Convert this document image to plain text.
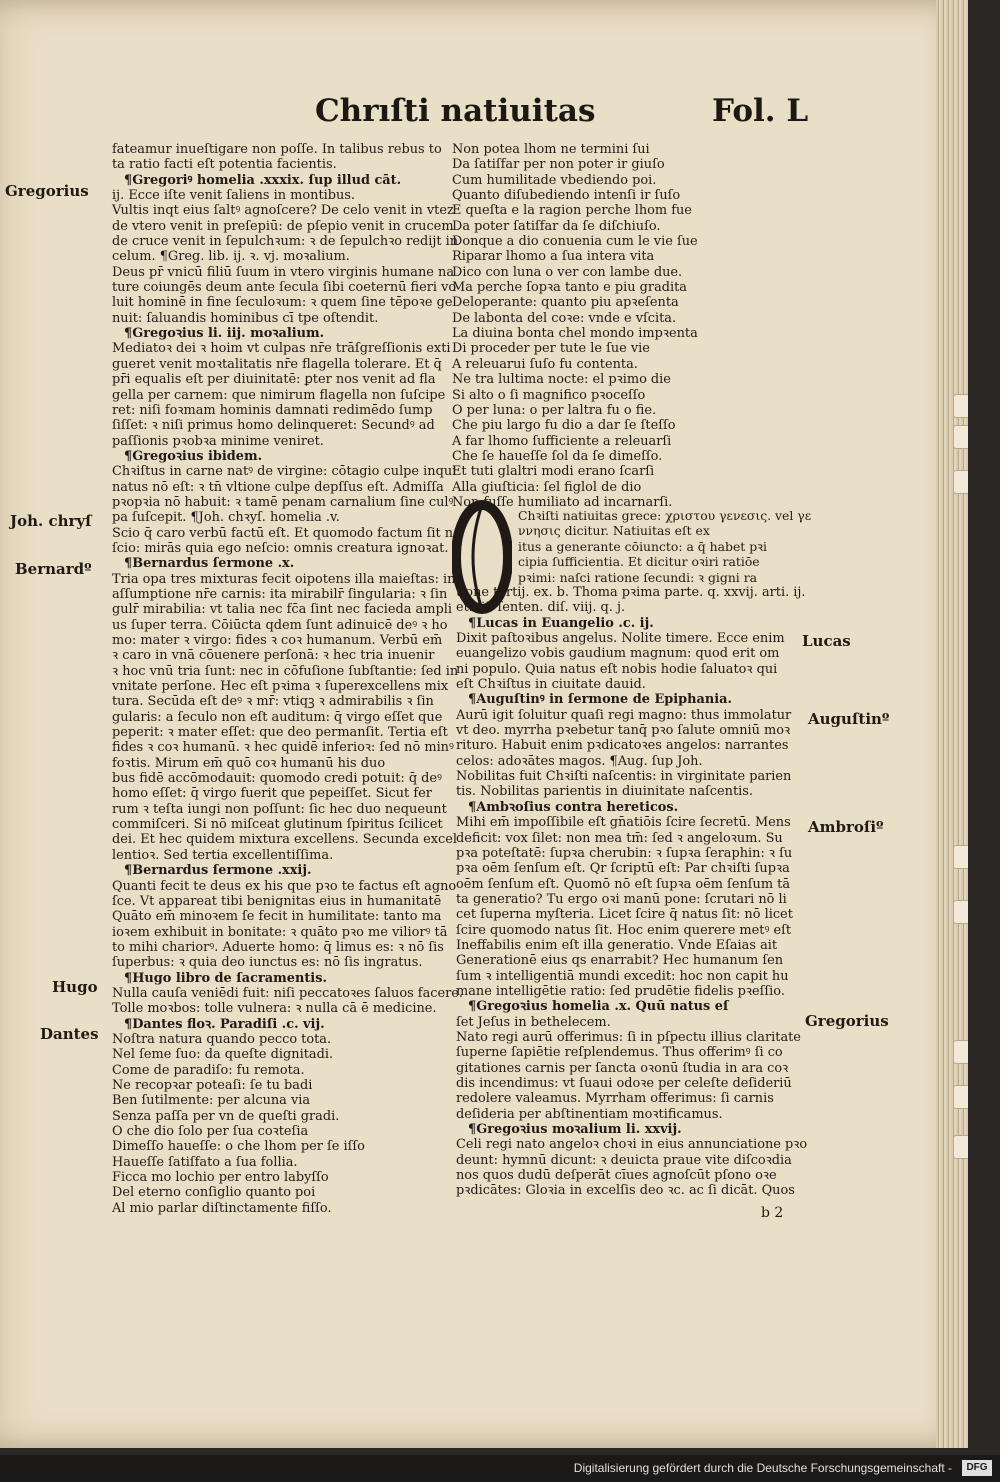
Chrıſti natiuitas	Fol. L
Gregorius
Joh. chryſ
Bernardº
Hugo
Dantes
Lucas
Auguſtinº
Ambroſiº
Gregorius
fateamur inueſtigare non poſſe. In talibus rebus to
ta ratio facti eſt potentia facientis.
¶Gregoriꝰ homelia .xxxix. ſup illud cāt.
ij. Ecce iſte venit ſaliens in montibus.
Vultis inqt eius ſaltꝰ agnoſcere? De celo venit in vtez
de vtero venit in preſepiū: de pſepio venit in crucem
de cruce venit in ſepulchꝛum: ꝛ de ſepulchꝛo redijt in
celum. ¶Greg. lib. ij. ꝛ. vj. moꝛalium.
Deus pr̄ vnicū filiū ſuum in vtero virginis humane na
ture coiungēs deum ante ſecula ſibi coeternū fieri vo
luit hominē in fine ſeculoꝛum: ꝛ quem ſine tēpoꝛe ge
nuit: ſaluandis hominibus cī tpe oſtendit.
¶Gregoꝛius li. iij. moꝛalium.
Mediatoꝛ dei ꝛ hoim vt culpas nr̄e trāſgreſſionis exti
gueret venit moꝛtalitatis nr̄e flagella tolerare. Et q̄
pr̄i equalis eſt per diuinitatē: ꝑter nos venit ad fla
gella per carnem: que nimirum flagella non ſuſcipe
ret: niſi foꝛmam hominis damnati redimēdo ſump
ſiſſet: ꝛ niſi primus homo delinqueret: Secundꝰ ad
paſſionis pꝛobꝛa minime veniret.
¶Gregoꝛius ibidem.
Chꝛiſtus in carne natꝰ de virgine: cōtagio culpe inqui
natus nō eſt: ꝛ tn̄ vltione culpe depſſus eſt. Admiſſa
pꝛopꝛia nō habuit: ꝛ tamē penam carnalium ſine culꝰ
pa ſuſcepit. ¶Joh. chꝛyſ. homelia .v.
Scio q̄ caro verbū factū eſt. Et quomodo factum ſit ne
ſcio: mirās quia ego neſcio: omnis creatura ignoꝛat.
¶Bernardus ſermone .x.
Tria opa tres mixturas fecit oipotens illa maieſtas: in
aſſumptione nr̄e carnis: ita mirabilr̄ ſingularia: ꝛ ſin
gulr̄ mirabilia: vt talia nec fc̄a ſint nec facieda ampli
us ſuper terra. Cōiūcta qdem ſunt adinuicē deꝰ ꝛ ho
mo: mater ꝛ virgo: fides ꝛ coꝛ humanum. Verbū em̄
ꝛ caro in vnā cōuenere perſonā: ꝛ hec tria inuenir
ꝛ hoc vnū tria ſunt: nec in cōfuſione ſubſtantie: ſed in
vnitate perſone. Hec eſt pꝛima ꝛ ſuperexcellens mix
tura. Secūda eſt deꝰ ꝛ mr̄: vtiqꝫ ꝛ admirabilis ꝛ ſin
gularis: a ſeculo non eſt auditum: q̄ virgo eſſet que
peperit: ꝛ mater eſſet: que deo permanſit. Tertia eſt
fides ꝛ coꝛ humanū. ꝛ hec quidē inferioꝛ: ſed nō minꝰ
foꝛtis. Mirum em̄ quō coꝛ humanū his duo
bus fidē accōmodauit: quomodo credi potuit: q̄ deꝰ
homo eſſet: q̄ virgo fuerit que pepeiſſet. Sicut fer
rum ꝛ teſta iungi non poſſunt: ſic hec duo nequeunt
commiſceri. Si nō miſceat glutinum ſpiritus ſcilicet
dei. Et hec quidem mixtura excellens. Secunda excel
lentioꝛ. Sed tertia excellentiſſima.
¶Bernardus ſermone .xxij.
Quanti fecit te deus ex his que pꝛo te factus eſt agno
ſce. Vt appareat tibi benignitas eius in humanitatē
Quāto em̄ minoꝛem ſe fecit in humilitate: tanto ma
ioꝛem exhibuit in bonitate: ꝛ quāto pꝛo me viliorꝰ tā
to mihi chariorꝰ. Aduerte homo: q̄ limus es: ꝛ nō ſis
ſuperbus: ꝛ quia deo iunctus es: nō ſis ingratus.
¶Hugo libro de ſacramentis.
Nulla cauſa veniēdi fuit: niſi peccatoꝛes ſaluos facere.
Tolle moꝛbos: tolle vulnera: ꝛ nulla cā ē medicine.
¶Dantes floꝛ. Paradiſi .c. vij.
Noſtra natura quando pecco tota.
Nel ſeme ſuo: da queſte dignitadi.
Come de paradiſo: fu remota.
Ne recopꝛar poteaſi: ſe tu badi
Ben ſutilmente: per alcuna via
Senza paſſa per vn de queſti gradi.
O che dio ſolo per ſua coꝛteſia
Dimeſſo haueſſe: o che lhom per ſe iſſo
Haueſſe ſatiſfato a ſua follia.
Ficca mo lochio per entro labyſſo
Del eterno conſiglio quanto poi
Al mio parlar diſtinctamente fiſſo.
Non potea lhom ne termini ſui
Da ſatiſfar per non poter ir giuſo
Cum humilitade vbediendo poi.
Quanto diſubediendo intenſi ir ſuſo
E queſta e la ragion perche lhom fue
Da poter ſatiſfar da ſe diſchiuſo.
Donque a dio conuenia cum le vie ſue
Riparar lhomo a ſua intera vita
Dico con luna o ver con lambe due.
Ma perche ſopꝛa tanto e piu gradita
Deloperante: quanto piu apꝛeſenta
De labonta del coꝛe: vnde e vſcita.
La diuina bonta chel mondo impꝛenta
Di proceder per tute le ſue vie
A releuarui ſuſo fu contenta.
Ne tra lultima nocte: el pꝛimo die
Si alto o ſi magnifico pꝛoceſſo
O per luna: o per laltra fu o fie.
Che piu largo fu dio a dar ſe ſteſſo
A far lhomo ſufficiente a releuarſi
Che ſe haueſſe ſol da ſe dimeſſo.
Et tuti glaltri modi erano ſcarſi
Alla giuſticia: ſel figlol de dio
Non fuſſe humiliato ad incarnarſi.
Chꝛiſti natiuitas grece: χριστου γενεσις. vel γε
ννησις dicitur. Natiuitas eſt ex
itus a generante cōiuncto: a q̄ habet pꝛi
cipia ſufficientia. Et dicitur oꝛiri ratiōe
pꝛimi: naſci ratione ſecundi: ꝛ gigni ra
tione tertij. ex. b. Thoma pꝛima parte. q. xxvij. arti. ij.
et. iij. ſenten. diſ. viij. q. j.
¶Lucas in Euangelio .c. ij.
Dixit paſtoꝛibus angelus. Nolite timere. Ecce enim
euangelizo vobis gaudium magnum: quod erit om
ni populo. Quia natus eſt nobis hodie ſaluatoꝛ qui
eſt Chꝛiſtus in ciuitate dauid.
¶Auguſtinꝰ in ſermone de Epiphania.
Aurū igit ſoluitur quaſi regi magno: thus immolatur
vt deo. myrrha pꝛebetur tanq̄ pꝛo ſalute omniū moꝛ
rituro. Habuit enim pꝛdicatoꝛes angelos: narrantes
celos: adoꝛātes magos. ¶Aug. ſup Joh.
Nobilitas fuit Chꝛiſti naſcentis: in virginitate parien
tis. Nobilitas parientis in diuinitate naſcentis.
¶Ambꝛoſius contra hereticos.
Mihi em̄ impoſſibile eſt gn̄atiōis ſcire ſecretū. Mens
deficit: vox ſilet: non mea tm̄: ſed ꝛ angeloꝛum. Su
pꝛa poteſtatē: ſupꝛa cherubin: ꝛ ſupꝛa ſeraphin: ꝛ ſu
pꝛa oēm ſenſum eſt. Qr ſcriptū eſt: Par chꝛiſti ſupꝛa
oēm ſenſum eſt. Quomō nō eſt ſupꝛa oēm ſenſum tā
ta generatio? Tu ergo oꝛi manū pone: ſcrutari nō li
cet ſuperna myſteria. Licet ſcire q̄ natus ſit: nō licet
ſcire quomodo natus ſit. Hoc enim querere metꝰ eſt
Ineffabilis enim eſt illa generatio. Vnde Eſaias ait
Generationē eius qs enarrabit? Hec humanum ſen
ſum ꝛ intelligentiā mundi excedit: hoc non capit hu
mane intelligētie ratio: ſed prudētie fidelis pꝛeſſio.
¶Gregoꝛius homelia .x. Quū natus eſ
ſet Jeſus in bethelecem.
Nato regi aurū offerimus: ſi in pſpectu illius claritate
ſuperne ſapiētie reſplendemus. Thus offerimꝰ ſi co
gitationes carnis per ſancta oꝛonū ſtudia in ara coꝛ
dis incendimus: vt ſuaui odoꝛe per celeſte deſideriū
redolere valeamus. Myrrham offerimus: ſi carnis
deſideria per abſtinentiam moꝛtificamus.
¶Gregoꝛius moꝛalium li. xxvij.
Celi regi nato angeloꝛ choꝛi in eius annunciatione pꝛo
deunt: hymnū dicunt: ꝛ deuicta praue vite diſcoꝛdia
nos quos dudū deſperāt cīues agnoſcūt pſono oꝛe
pꝛdicātes: Gloꝛia in excelſis deo ꝛc. ac ſi dicāt. Quos
b 2
Digitalisierung gefördert durch die Deutsche Forschungsgemeinschaft -	DFG
